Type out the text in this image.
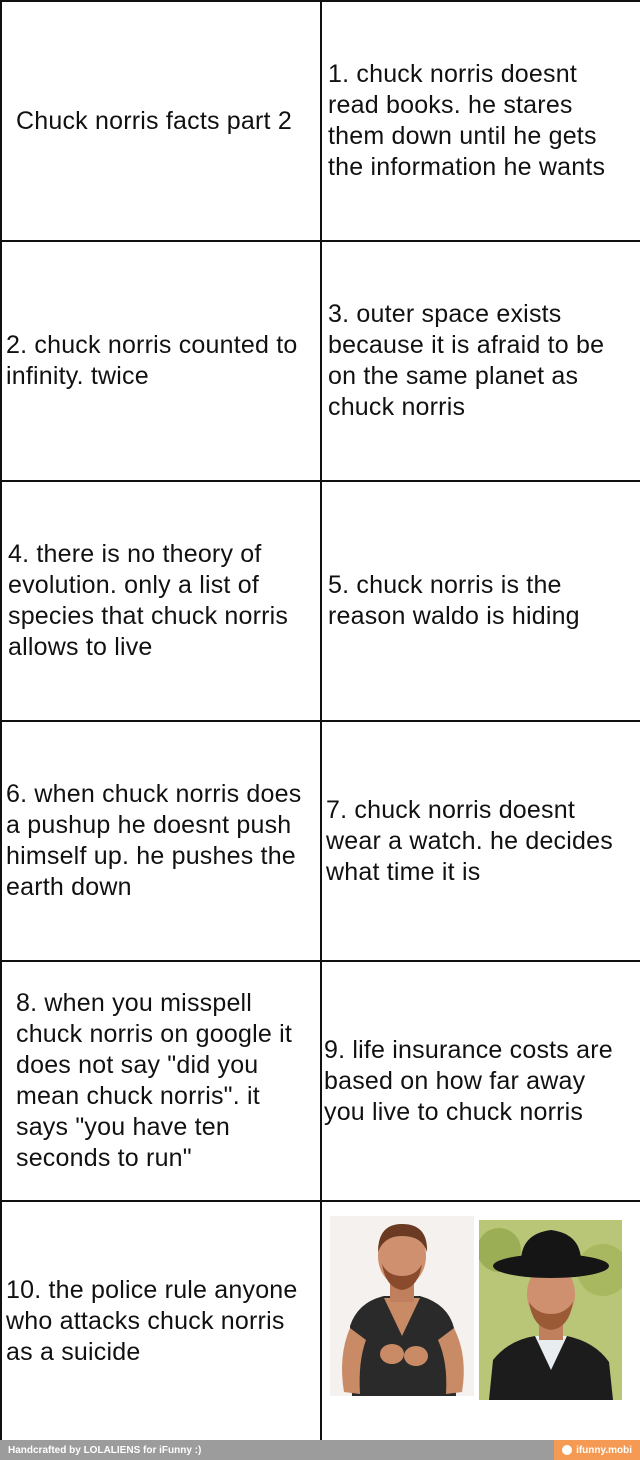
Chuck norris facts part 2
1. chuck norris doesnt
read books. he stares
them down until he gets
the information he wants
2. chuck norris counted to
infinity. twice
3. outer space exists
because it is afraid to be
on the same planet as
chuck norris
4. there is no theory of
evolution. only a list of
species that chuck norris
allows to live
5. chuck norris is the
reason waldo is hiding
6. when chuck norris does
a pushup he doesnt push
himself up. he pushes the
earth down
7. chuck norris doesnt
wear a watch. he decides
what time it is
8. when you misspell
chuck norris on google it
does not say "did you
mean chuck norris". it
says "you have ten
seconds to run"
9. life insurance costs are
based on how far away
you live to chuck norris
10. the police rule anyone
who attacks chuck norris
as a suicide
Handcrafted by LOLALIENS for iFunny :)	ifunny.mobi
